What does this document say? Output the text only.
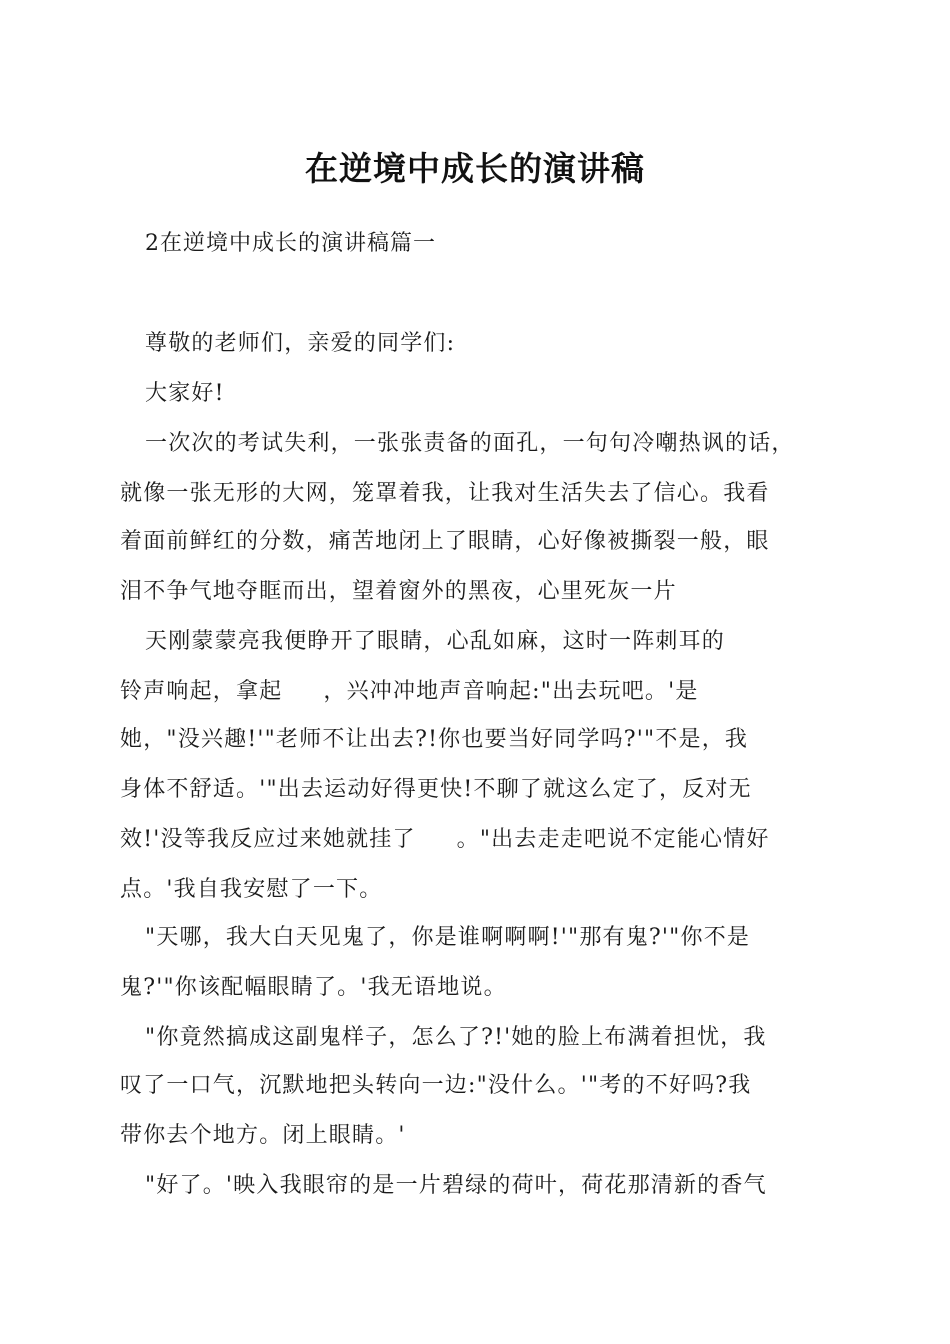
在逆境中成长的演讲稿
2在逆境中成长的演讲稿篇一
尊敬的老师们，亲爱的同学们:
大家好!
一次次的考试失利，一张张责备的面孔，一句句冷嘲热讽的话，
就像一张无形的大网，笼罩着我，让我对生活失去了信心。我看
着面前鲜红的分数，痛苦地闭上了眼睛，心好像被撕裂一般，眼
泪不争气地夺眶而出，望着窗外的黑夜，心里死灰一片
天刚蒙蒙亮我便睁开了眼睛，心乱如麻，这时一阵刺耳的
铃声响起，拿起     ，兴冲冲地声音响起:"出去玩吧。'是
她，"没兴趣!'"老师不让出去?!你也要当好同学吗?'"不是，我
身体不舒适。'"出去运动好得更快!不聊了就这么定了，反对无
效!'没等我反应过来她就挂了     。"出去走走吧说不定能心情好
点。'我自我安慰了一下。
"天哪，我大白天见鬼了，你是谁啊啊啊!'"那有鬼?'"你不是
鬼?'"你该配幅眼睛了。'我无语地说。
"你竟然搞成这副鬼样子，怎么了?!'她的脸上布满着担忧，我
叹了一口气，沉默地把头转向一边:"没什么。'"考的不好吗?我
带你去个地方。闭上眼睛。'
"好了。'映入我眼帘的是一片碧绿的荷叶，荷花那清新的香气
